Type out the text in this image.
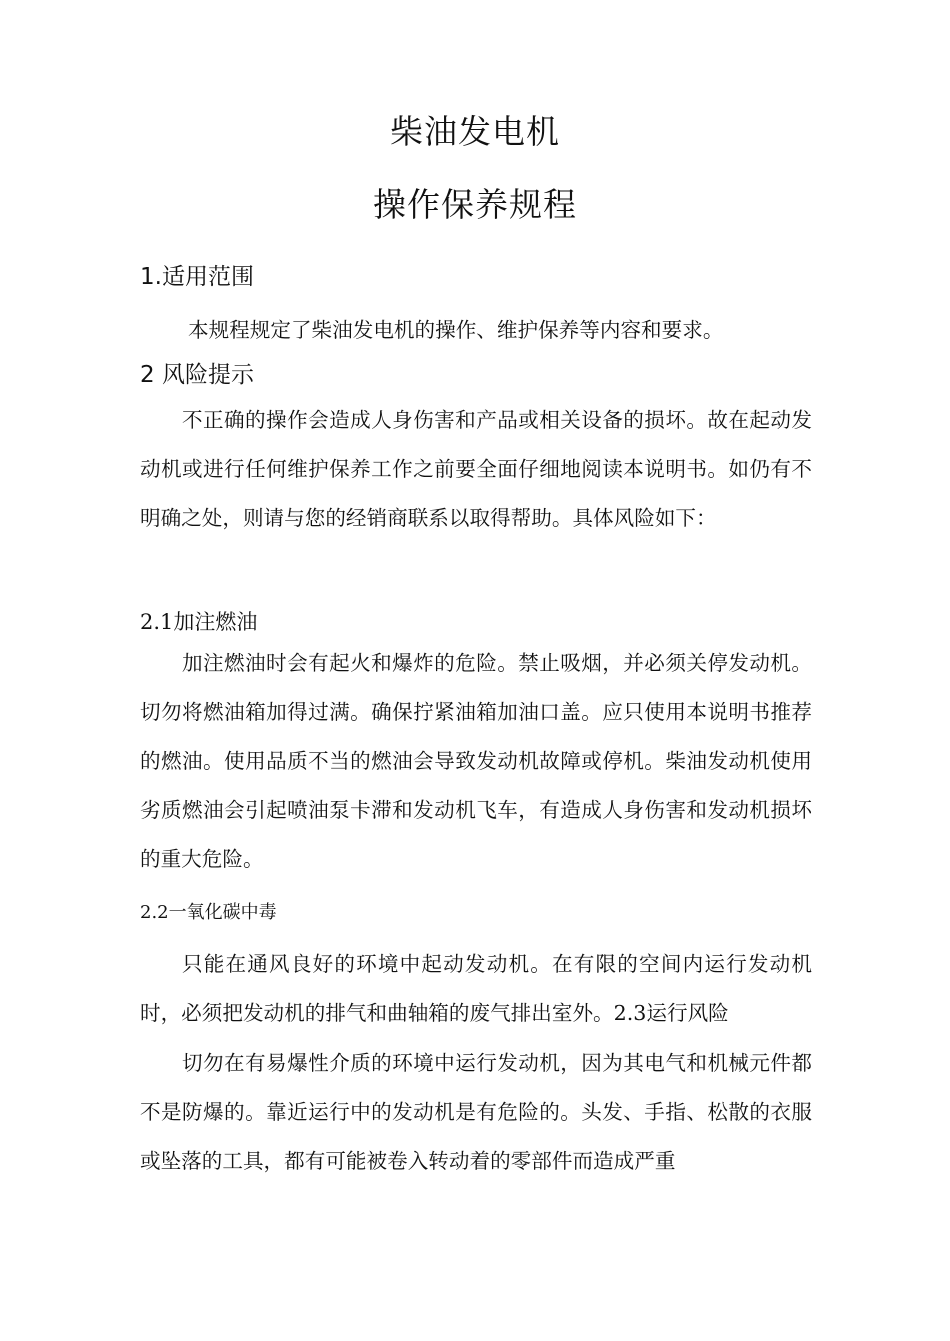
柴油发电机
操作保养规程
1.适用范围

本规程规定了柴油发电机的操作、维护保养等内容和要求。

2 风险提示

不正确的操作会造成人身伤害和产品或相关设备的损坏。故在起动发动机或进行任何维护保养工作之前要全面仔细地阅读本说明书。如仍有不明确之处，则请与您的经销商联系以取得帮助。具体风险如下：

2.1加注燃油

加注燃油时会有起火和爆炸的危险。禁止吸烟，并必须关停发动机。切勿将燃油箱加得过满。确保拧紧油箱加油口盖。应只使用本说明书推荐的燃油。使用品质不当的燃油会导致发动机故障或停机。柴油发动机使用劣质燃油会引起喷油泵卡滞和发动机飞车，有造成人身伤害和发动机损坏的重大危险。

2.2一氧化碳中毒

只能在通风良好的环境中起动发动机。在有限的空间内运行发动机时，必须把发动机的排气和曲轴箱的废气排出室外。2.3运行风险

切勿在有易爆性介质的环境中运行发动机，因为其电气和机械元件都不是防爆的。靠近运行中的发动机是有危险的。头发、手指、松散的衣服或坠落的工具，都有可能被卷入转动着的零部件而造成严重
